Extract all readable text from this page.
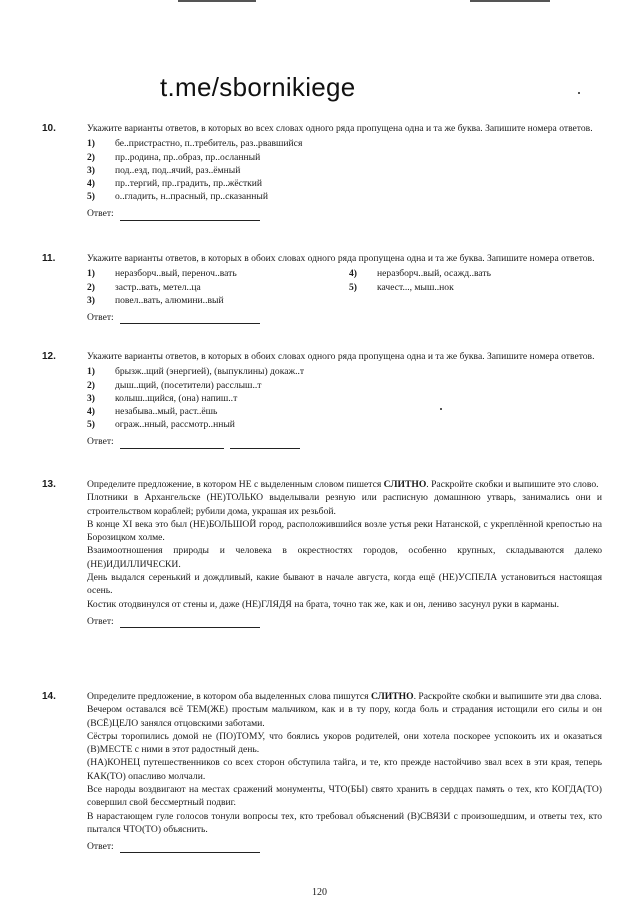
t.me/sbornikiege
10.	Укажите варианты ответов, в которых во всех словах одного ряда пропущена одна и та же буква. Запишите номера ответов.

1)	бе..пристрастно, п..требитель, раз..рвавшийся
2)	пр..родина, пр..образ, пр..осланный
3)	под..езд, под..ячий, раз..ёмный
4)	пр..тергий, пр..градить, пр..жёсткий
5)	о..гладить, н..прасный, пр..сказанный
Ответ:
11.	Укажите варианты ответов, в которых в обоих словах одного ряда пропущена одна и та же буква. Запишите номера ответов.

1)	неразборч..вый, переноч..вать	4)	неразборч..вый, осажд..вать
2)	застр..вать, метел..ца	5)	качест..., мыш..нок
3)	повел..вать, алюмини..вый
Ответ:
12.	Укажите варианты ответов, в которых в обоих словах одного ряда пропущена одна и та же буква. Запишите номера ответов.

1)	брызж..щий (энергией), (выпуклины) докаж..т
2)	дыш..щий, (посетители) расслыш..т
3)	колыш..щийся, (она) напиш..т
4)	незабыва..мый, раст..ёшь
5)	ограж..нный, рассмотр..нный
Ответ:
13.	Определите предложение, в котором НЕ с выделенным словом пишется СЛИТНО. Раскройте скобки и выпишите это слово.

Плотники в Архангельске (НЕ)ТОЛЬКО выделывали резную или расписную домашнюю утварь, занимались они и строительством кораблей; рубили дома, украшая их резьбой.

В конце XI века это был (НЕ)БОЛЬШОЙ город, расположившийся возле устья реки Натанской, с укреплённой крепостью на Борозицком холме.

Взаимоотношения природы и человека в окрестностях городов, особенно крупных, складываются далеко (НЕ)ИДИЛЛИЧЕСКИ.

День выдался серенький и дождливый, какие бывают в начале августа, когда ещё (НЕ)УСПЕЛА установиться настоящая осень.

Костик отодвинулся от стены и, даже (НЕ)ГЛЯДЯ на брата, точно так же, как и он, лениво засунул руки в карманы.

Ответ:
14.	Определите предложение, в котором оба выделенных слова пишутся СЛИТНО. Раскройте скобки и выпишите эти два слова.

Вечером оставался всё ТЕМ(ЖЕ) простым мальчиком, как и в ту пору, когда боль и страдания истощили его силы и он (ВСЁ)ЦЕЛО занялся отцовскими заботами.

Сёстры торопились домой не (ПО)ТОМУ, что боялись укоров родителей, они хотела поскорее успокоить их и оказаться (В)МЕСТЕ с ними в этот радостный день.

(НА)КОНЕЦ путешественников со всех сторон обступила тайга, и те, кто прежде настойчиво звал всех в эти края, теперь КАК(ТО) опасливо молчали.

Все народы воздвигают на местах сражений монументы, ЧТО(БЫ) свято хранить в сердцах память о тех, кто КОГДА(ТО) совершил свой бессмертный подвиг.

В нарастающем гуле голосов тонули вопросы тех, кто требовал объяснений (В)СВЯЗИ с произошедшим, и ответы тех, кто пытался ЧТО(ТО) объяснить.

Ответ:
120
